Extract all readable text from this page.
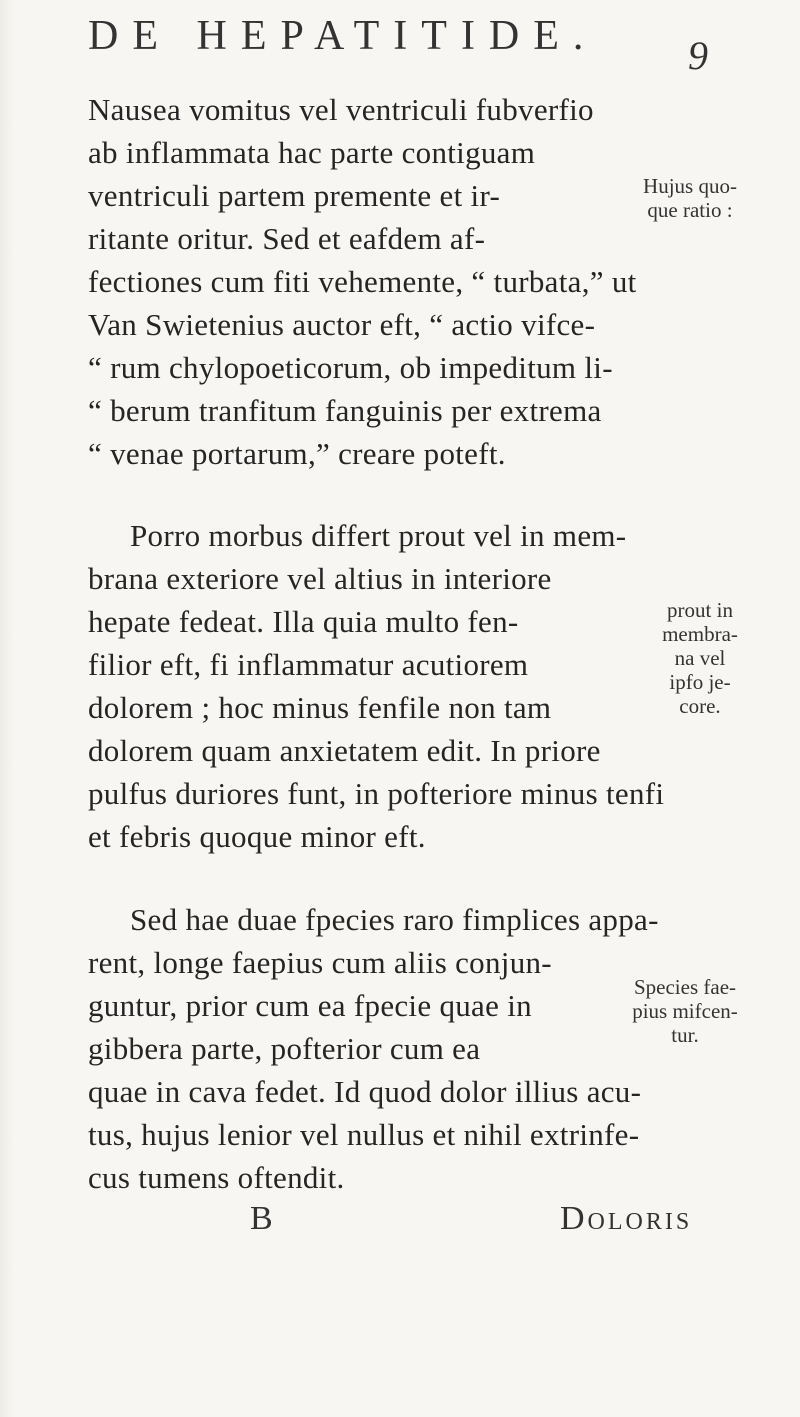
DE HEPATITIDE.	9
Nausea vomitus vel ventriculi fubverfio
ab inflammata hac parte contiguam
ventriculi partem premente et ir-
ritante oritur. Sed et eafdem af-
fectiones cum fiti vehemente, “ turbata,” ut
Van Swietenius auctor eft, “ actio vifce-
“ rum chylopoeticorum, ob impeditum li-
“ berum tranfitum fanguinis per extrema
“ venae portarum,” creare poteft.
Hujus quo-
que ratio :
Porro morbus differt prout vel in mem-
brana exteriore vel altius in interiore
hepate fedeat. Illa quia multo fen-
filior eft, fi inflammatur acutiorem
dolorem ; hoc minus fenfile non tam
dolorem quam anxietatem edit. In priore
pulfus duriores funt, in pofteriore minus tenfi
et febris quoque minor eft.
prout in
membra-
na vel
ipfo je-
core.
Sed hae duae fpecies raro fimplices appa-
rent, longe faepius cum aliis conjun-
guntur, prior cum ea fpecie quae in
gibbera parte, pofterior cum ea
quae in cava fedet. Id quod dolor illius acu-
tus, hujus lenior vel nullus et nihil extrinfe-
cus tumens oftendit.
Species fae-
pius mifcen-
tur.
B	Doloris
